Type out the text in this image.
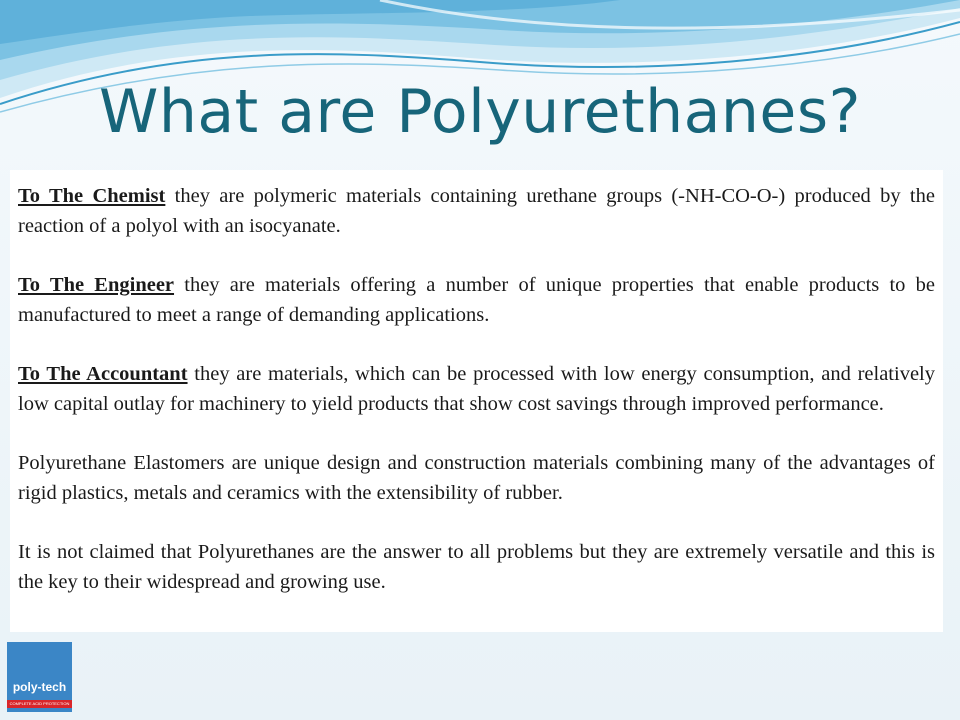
What are Polyurethanes?

To The Chemist they are polymeric materials containing urethane groups (-NH-CO-O-) produced by the reaction of a polyol with an isocyanate.

To The Engineer they are materials offering a number of unique properties that enable products to be manufactured to meet a range of demanding applications.

To The Accountant they are materials, which can be processed with low energy consumption, and relatively low capital outlay for machinery to yield products that show cost savings through improved performance.

Polyurethane Elastomers are unique design and construction materials combining many of the advantages of rigid plastics, metals and ceramics with the extensibility of rubber.

It is not claimed that Polyurethanes are the answer to all problems but they are extremely versatile and this is the key to their widespread and growing use.

poly-tech
COMPLETE ACID PROTECTION
